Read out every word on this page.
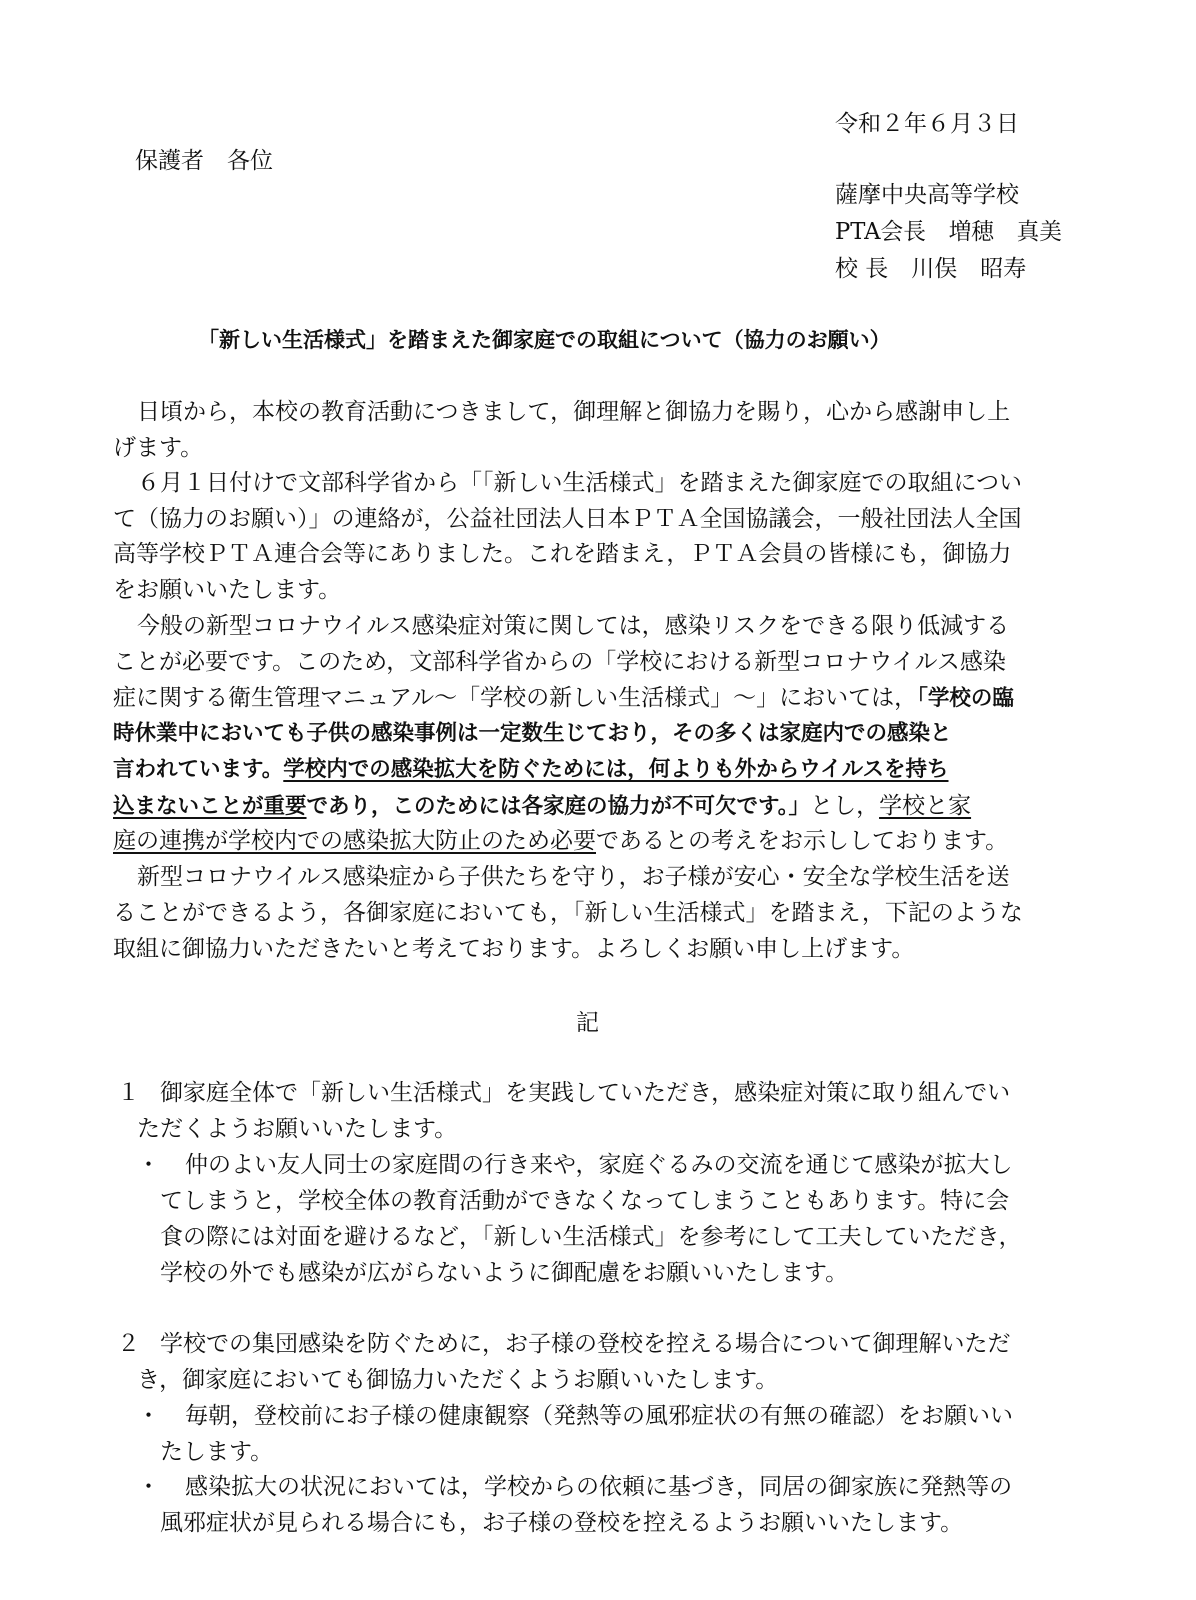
令和２年６月３日
保護者　各位
薩摩中央高等学校
PTA会長　増穂　真美
校 長　川俣　昭寿
「新しい生活様式」を踏まえた御家庭での取組について（協力のお願い）
日頃から，本校の教育活動につきまして，御理解と御協力を賜り，心から感謝申し上
げます。
６月１日付けで文部科学省から「「新しい生活様式」を踏まえた御家庭での取組につい
て（協力のお願い）」の連絡が，公益社団法人日本ＰＴＡ全国協議会，一般社団法人全国
高等学校ＰＴＡ連合会等にありました。これを踏まえ，ＰＴＡ会員の皆様にも，御協力
をお願いいたします。
今般の新型コロナウイルス感染症対策に関しては，感染リスクをできる限り低減する
ことが必要です。このため，文部科学省からの「学校における新型コロナウイルス感染
症に関する衛生管理マニュアル～「学校の新しい生活様式」～」においては，「学校の臨
時休業中においても子供の感染事例は一定数生じており，その多くは家庭内での感染と
言われています。学校内での感染拡大を防ぐためには，何よりも外からウイルスを持ち
込まないことが重要であり，このためには各家庭の協力が不可欠です。」とし，学校と家
庭の連携が学校内での感染拡大防止のため必要であるとの考えをお示ししております。
新型コロナウイルス感染症から子供たちを守り，お子様が安心・安全な学校生活を送
ることができるよう，各御家庭においても，「新しい生活様式」を踏まえ，下記のような
取組に御協力いただきたいと考えております。よろしくお願い申し上げます。
記
１ 御家庭全体で「新しい生活様式」を実践していただき，感染症対策に取り組んでい
ただくようお願いいたします。
・ 仲のよい友人同士の家庭間の行き来や，家庭ぐるみの交流を通じて感染が拡大し
てしまうと，学校全体の教育活動ができなくなってしまうこともあります。特に会
食の際には対面を避けるなど，「新しい生活様式」を参考にして工夫していただき，
学校の外でも感染が広がらないように御配慮をお願いいたします。
２ 学校での集団感染を防ぐために，お子様の登校を控える場合について御理解いただ
き，御家庭においても御協力いただくようお願いいたします。
・ 毎朝，登校前にお子様の健康観察（発熱等の風邪症状の有無の確認）をお願いい
たします。
・ 感染拡大の状況においては，学校からの依頼に基づき，同居の御家族に発熱等の
風邪症状が見られる場合にも，お子様の登校を控えるようお願いいたします。
